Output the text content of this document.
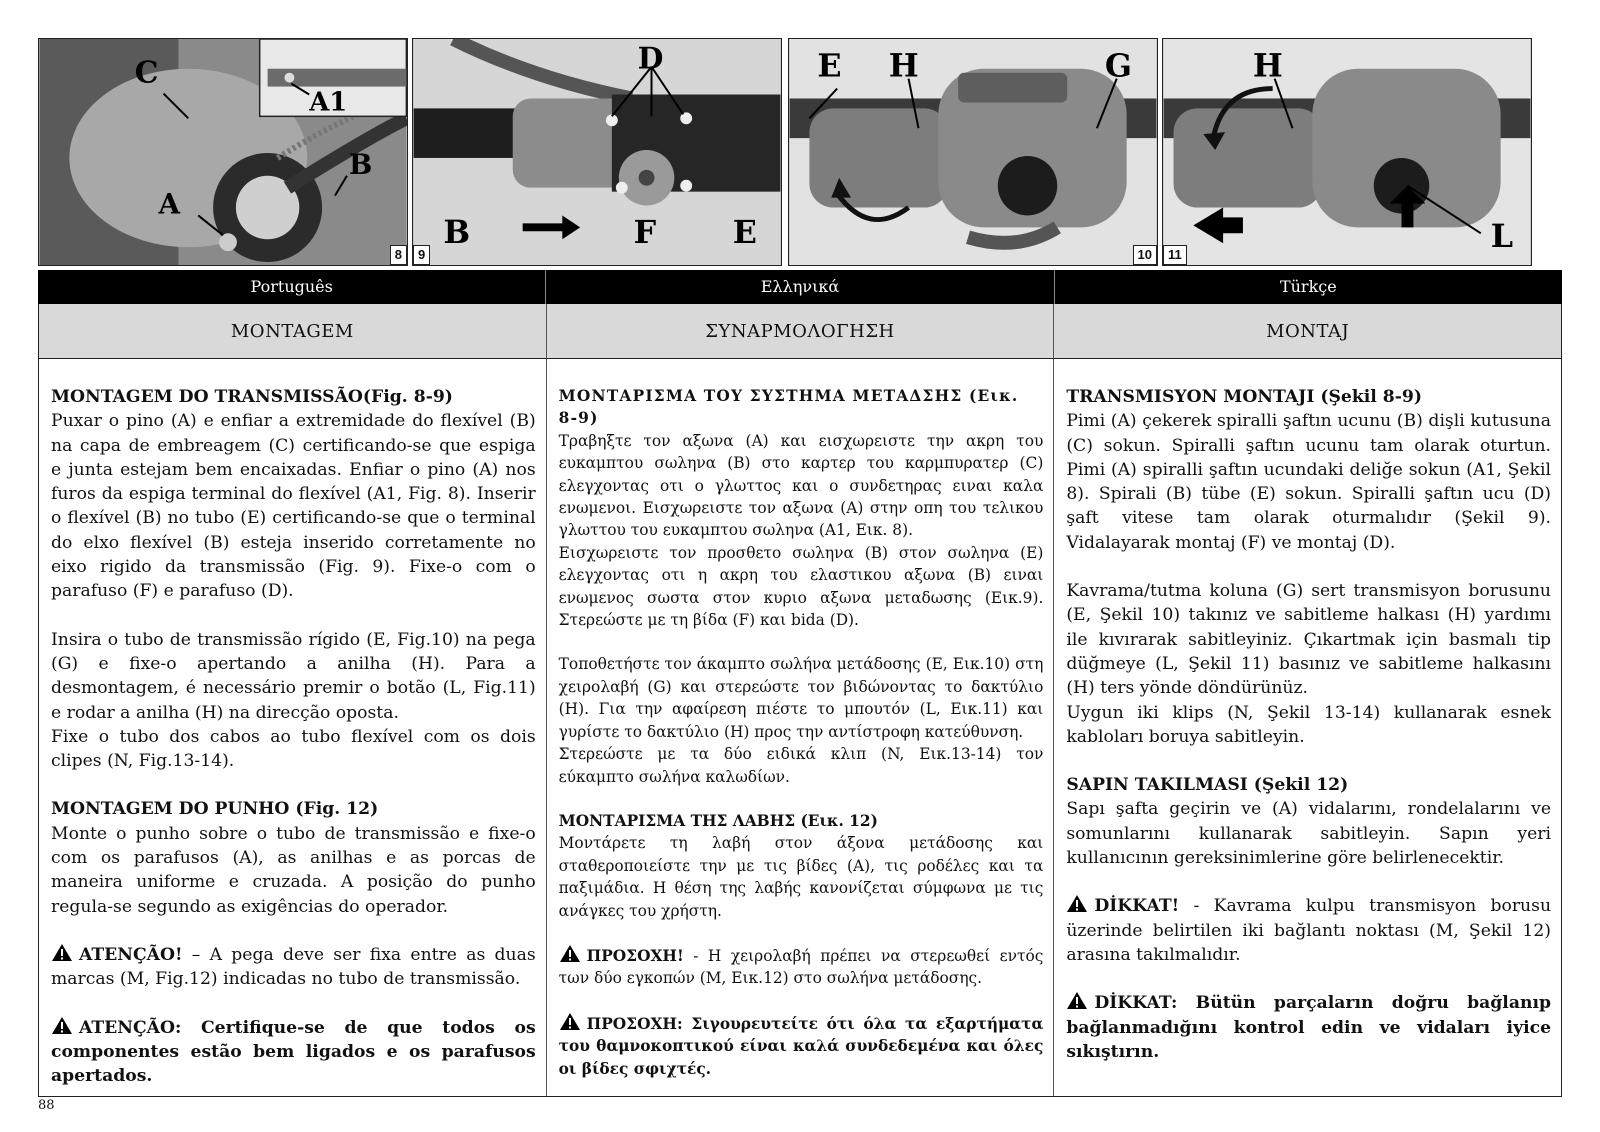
C
A1
B
A
8
D
B	F E
9
E H	G
10
H
L
11
Português	Ελληνικά	Türkçe
MONTAGEM	ΣΥΝΑΡΜΟΛΟΓΗΣΗ	MONTAJ
MONTAGEM DO TRANSMISSÃO(Fig. 8-9)

Puxar o pino (A) e enfiar a extremidade do flexível (B) na capa de embreagem (C) certificando-se que espiga e junta estejam bem encaixadas. Enfiar o pino (A) nos furos da espiga terminal do flexível (A1, Fig. 8). Inserir o flexível (B) no tubo (E) certificando-se que o terminal do elxo flexível (B) esteja inserido corretamente no eixo rigido da transmissão (Fig. 9). Fixe-o com o parafuso (F) e parafuso (D).

Insira o tubo de transmissão rígido (E, Fig.10) na pega (G) e fixe-o apertando a anilha (H). Para a desmontagem, é necessário premir o botão (L, Fig.11) e rodar a anilha (H) na direcção oposta.

Fixe o tubo dos cabos ao tubo flexível com os dois clipes (N, Fig.13-14).

MONTAGEM DO PUNHO (Fig. 12)

Monte o punho sobre o tubo de transmissão e fixe-o com os parafusos (A), as anilhas e as porcas de maneira uniforme e cruzada. A posição do punho regula-se segundo as exigências do operador.

ATENÇÃO! – A pega deve ser fixa entre as duas marcas (M, Fig.12) indicadas no tubo de transmissão.

ATENÇÃO: Certifique-se de que todos os componentes estão bem ligados e os parafusos apertados.

ΜΟΝΤΑΡΙΣΜΑ ΤΟΥ ΣΥΣΤΗΜΑ ΜΕΤΑΔΣΗΣ (Εικ. 8-9)

Τραβηξτε τον αξωνα (A) και εισχωρειστε την ακρη του ευκαμπτου σωληνα (B) στο καρτερ του καρμπυρατερ (C) ελεγχοντας οτι ο γλωττος και ο συνδετηρας ειναι καλα ενωμενοι. Εισχωρειστε τον αξωνα (A) στην οπη του τελικου γλωττου του ευκαμπτου σωληνα (A1, Εικ. 8).

Εισχωρειστε τον προσθετο σωληνα (B) στον σωληνα (E) ελεγχοντας οτι η ακρη του ελαστικου αξωνα (B) ειναι ενωμενος σωστα στον κυριο αξωνα μεταδωσης (Εικ.9). Στερεώστε με τη βίδα (F) και bida (D).

Τοποθετήστε τον άκαμπτο σωλήνα μετάδοσης (E, Εικ.10) στη χειρολαβή (G) και στερεώστε τον βιδώνοντας το δακτύλιο (H). Για την αφαίρεση πιέστε το μπουτόν (L, Εικ.11) και γυρίστε το δακτύλιο (H) προς την αντίστροφη κατεύθυνση.

Στερεώστε με τα δύο ειδικά κλιπ (N, Εικ.13-14) τον εύκαμπτο σωλήνα καλωδίων.

ΜΟΝΤΑΡΙΣΜΑ ΤΗΣ ΛΑΒΗΣ (Εικ. 12)

Μοντάρετε τη λαβή στον άξονα μετάδοσης και σταθεροποιείστε την με τις βίδες (A), τις ροδέλες και τα παξιμάδια. Η θέση της λαβής κανονίζεται σύμφωνα με τις ανάγκες του χρήστη.

ΠΡΟΣΟΧΗ! - Η χειρολαβή πρέπει να στερεωθεί εντός των δύο εγκοπών (M, Εικ.12) στο σωλήνα μετάδοσης.

ΠΡΟΣΟΧΗ: Σιγουρευτείτε ότι όλα τα εξαρτήματα του θαμνοκοπτικού είναι καλά συνδεδεμένα και όλες οι βίδες σφιχτές.

TRANSMISYON MONTAJI (Şekil 8-9)

Pimi (A) çekerek spiralli şaftın ucunu (B) dişli kutusuna (C) sokun. Spiralli şaftın ucunu tam olarak oturtun. Pimi (A) spiralli şaftın ucundaki deliğe sokun (A1, Şekil 8). Spirali (B) tübe (E) sokun. Spiralli şaftın ucu (D) şaft vitese tam olarak oturmalıdır (Şekil 9). Vidalayarak montaj (F) ve montaj (D).

Kavrama/tutma koluna (G) sert transmisyon borusunu (E, Şekil 10) takınız ve sabitleme halkası (H) yardımı ile kıvırarak sabitleyiniz. Çıkartmak için basmalı tip düğmeye (L, Şekil 11) basınız ve sabitleme halkasını (H) ters yönde döndürünüz.

Uygun iki klips (N, Şekil 13-14) kullanarak esnek kabloları boruya sabitleyin.

SAPIN TAKILMASI (Şekil 12)

Sapı şafta geçirin ve (A) vidalarını, rondelalarını ve somunlarını kullanarak sabitleyin. Sapın yeri kullanıcının gereksinimlerine göre belirlenecektir.

DİKKAT! - Kavrama kulpu transmisyon borusu üzerinde belirtilen iki bağlantı noktası (M, Şekil 12) arasına takılmalıdır.

DİKKAT: Bütün parçaların doğru bağlanıp bağlanmadığını kontrol edin ve vidaları iyice sıkıştırın.

88
